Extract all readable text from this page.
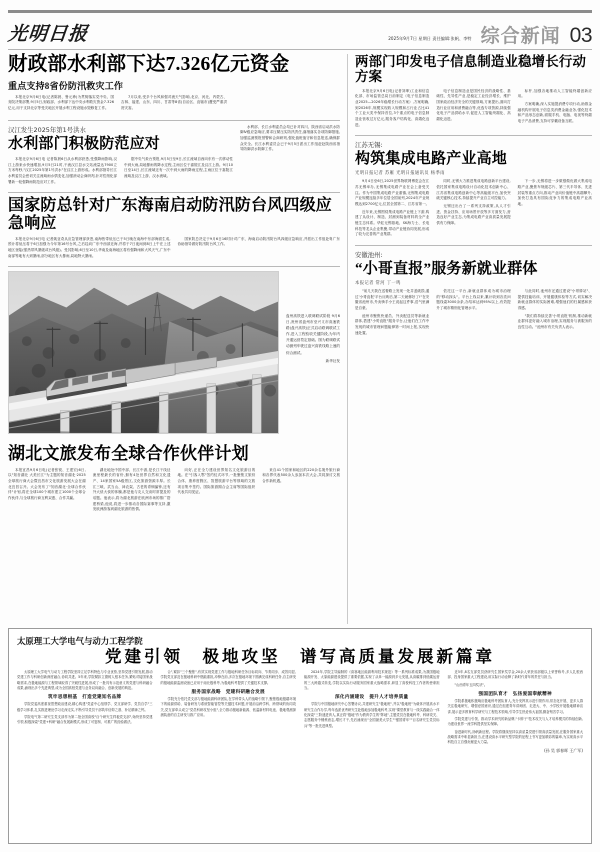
光明日报	2025年9月7日 星期日 责任编辑:张帆、李特 综合新闻 03
财政部水利部下达7.326亿元资金
重点支持8省份防汛救灾工作

本报北京9月6日电(记者陈晨、鲁元珍)为贯彻落实党中央、国务院决策部署,9月5日,财政部、水利部下达中央水利救灾资金7.326亿元,用于支持北京等受灾地区开展水利工程设施水毁修复工作。

7月以来,受多个台风和强对流天气影响,北京、河北、内蒙古、吉林、福建、山东、四川、甘肃等8省(自治区、直辖市)遭受严重洪涝灾害。

汉江发生2025年第1号洪水
水利部门积极防范应对

本报北京9月6日电 记者陈晨6日从水利部获悉,受强降雨影响,汉江上游来水快速增加,9月5日21时,干流汉江县水文站流量达7900立方米每秒,"汉江2025年第1号洪水"在汉江上游形成。水利部指导长江水利委员会密切关注流域雨水情变化,加强滚动会商研判,针对性细化部署新一轮强降雨防范应对工作。

据中央气象台预报,9月5日至9日,长江流域自西向东有一次移动性中到大雨,局地暴雨的降水过程,主雨区位于嘉陵江及汉江上游。9月10日至14日,长江流域还有一次中到大雨的降雨过程,主雨区位于嘉陵江流域及汉江上游、汉水流域。

水利部、长江水利委员会均已针对四川、陕西省启动洪水防御Ⅳ级应急响应,要求压紧压实防汛责任,落细落实各项防御措施,加强监测预报预警和会商研判,强化值班值守和信息报送,确保群众安全。长江水利委员会已于9月5日派出工作组赶赴陕西省指导防御洪水防御工作。

国家防总针对广东海南启动防汛防台风四级应急响应

本报北京9月6日电 记者姚亚奇从应急管理部获悉,南海热带低压已于5日晚在南海中东部海面生成,预计将低压将于6日加强为今年第16号台风,之后趋向广东中西部近海,并将于7日夜间到8日上午在上述地区登陆(强热带风暴级或台风级)。受其影响,6日至10日,华南及南海地区将有强降雨和大风天气,广东中南部等地有大到暴雨,部分地区有大暴雨,局地特大暴雨。

国家防总决定于9月6日16时针对广东、海南启动防汛防台风四级应急响应,并派出工作组赴粤广东协助指导做好防汛防台风工作。

盘州高铁进入联调联试阶段 9月6日,贵州省盘州市至兴义市高速铁路(盘兴高铁)正式启动联调联试工作,进入工程验收关键阶段,为年内开通运营奠定基础。图为联调联试动测列车驶过盘兴高铁线路上速的综合测试。

新华社发
湖北文旅发布全球合作伙伴计划

本报宜昌9月6日电(记者张锐、王建宏)6日,以"知音湖北 大美长江"为主题的知音湖北·2025全球旅行商大会暨宜昌市文化旅游发展大会在湖北宜昌召开。大会发布了"知音湖北·全球合作伙伴"计划,将在全球100个城市建立1000个全球合作伙伴,与全球旅行商互利双惠、合作共赢。

湖北地处中国中部、长江中游,是长江干线径流里程最长的省份,拥有4处世界自然和文化遗产、14家国家5A级景区,文化旅游资源丰厚。长江三峡、武当山、神农架、古老的青铜编钟,还有外大侠大侠的体魄,都是他与友人交谈时常提及的话题。他表示,将为湖北旅游在欧洲市场的推广搭建桥梁,他说,将进一步推动各国际赛事等支持,激发欧洲游客到湖北旅游的热情。

向好,正在全力建设世界知名文化旅游目的地。在"引客入鄂"签约仪式环节,一批聚焦文旅综合体、康养度假区、智慧旅游平台等领域的文旅项目集中签约。国际旅游期合会主席等国际组织代表共同见证。

来自41个国家和地区的220余名境外旅行商和各界代表500余人参加本次大会,共同探讨文旅合作新机遇。

两部门印发电子信息制造业稳增长行动方案

本报北京9月6日电(记者刘坤)工业和信息化部、市场监管总局日前制定《电子信息制造业2025—2026年稳增长行动方案》,方案明确,到2026年,规模实现收入规模和占行业占比41个工业大类中保持首位,3个重点的电子信息制造业营收过万亿元,服务客户结构化、高端化迈进。

电子信息制造业是国民经济的战略性、基础性、先导性产业,是稳定工业经济增长、维护国家政治经济安全的关键领域,方案提出,面向打造行业应用和消费融合等,优选专项资源,持续强化电子产品供给水平,促进人工智能终端化、高端化迈进。

标杆,加强各地推动人工智能终端创新应用。

方案明确,深入实施提消费专项行动,助推金融机构开展电子信息类消费金融业务,强化技术和产品形态创新,面服手机、电脑、电视等终端电子产品消费,支持可穿戴设备互联。

江苏无锡:
构筑集成电路产业高地
光明日报记者 苏雁 光明日报通讯员 杨季雨

9月4日至6日,2025世界物联网博览会在江苏无锡举办,无锡集成电路产业在会上备受关注。作为中国集成电路产业重镇,无锡集成电路产业规模连续多年位居全国前列,2024年产业规模达到2700亿元,位居全国第二、江苏省第一。

近年来,无锡围绕集成电路产业链上下游,构建了从设计、制造、封测到装备材料的全产业链生态体系。华虹无锡基地、SK海力士、长电科技等龙头企业集聚,带动产业链协同发展,形成了较为完善的产业集群。

同时,无锡大力推进集成电路创新平台建设,依托国家集成电路设计自动化技术创新中心、江苏省集成电路创新中心等高能级平台,加快突破关键核心技术,持续提升产业自主可控能力。

无锡还出台了一系列支持政策,从人才引进、资金扶持、应用场景开放等多方面发力,营造良好产业生态,为集成电路产业高质量发展提供有力保障。

下一步,无锡将进一步做强做优做大集成电路产业,聚焦车规级芯片、第三代半导体、先进封装等重点方向,推动产业向价值链中高端攀升,加快打造具有国际竞争力的集成电路产业高地。

安徽池州:
“小哥直报”服务新就业群体
本报记者 常河 丁一鸣

"前几天我在送餐路上发现一处井盖破损,通过'小哥直报'平台反映后,第二天就修好了!"在安徽省池州市,外卖骑手小王说起这件事,语气里满是自豪。

池州市聚焦快递员、外卖配送员等新就业群体,搭建"小哥直报"服务平台,让他们在工作中发现的城市管理问题能够第一时间上报,实现快速处置。

依托这一平台,新就业群体成为城市治理的"移动探头"。平台上线以来,累计收到各类问题线索3000余条,办结率达到95%以上,有效提升了城市精细化管理水平。

与此同时,池州市还通过建设"小哥驿站"、提供技能培训、开展健康体检等方式,切实解决新就业群体的实际困难,增强他们的归属感和获得感。

"我们将持续完善'小哥直报'机制,推动新就业群体更好融入城市治理,实现服务与被服务的良性互动。"池州市有关负责人表示。

太原理工大学电气与动力工程学院
党建引领　极地攻坚　谱写高质量发展新篇章

太原理工大学电气与动力工程学院坚持立足学科特色与专业优势,坚持党建引领发展,推动党建工作与科研创新深度融合,协同共进。5年来,学院紧扣立德树人根本任务,紧贴对接国家战略需求,在极地能源与工程领域取得了突破性进展,形成了一批具有示范意义的党建与科研融合成果,涌现出多个先进典型,成为全国高校党建与业务双向融合、创新发展的典范。

筑牢思想根基　打造党建知名品牌

学院党委高度重视思想政治建设,精心构建"党委中心组领学、党支部研学、党员自学"三级学习体系,扎实推进理论学习走深走实,不断引导党员干部筑牢信仰之基、补足精神之钙。

学院电气第二研究生党支部作为第二批全国高校"百个研究生样板党支部",始终坚持党建引领,积极探索"党建+科研"融合发展新模式,形成了可复制、可推广的经验做法。

合",紧扣"三个聚焦",有效实现党建工作与极地科研任务目标同向、节奏同步、成效同显,学院党支部及在极地科研中燃能重担,冲锋在前,多次在极地环境下圆满完成科研任务,自主研发的极地能源监测设备已应用于南北极科考,为极地科考提供了关键技术支撑。

服务国家战略　党建科研融合发展

学院充分依托党支部与极地能源科研团队,在学科带头人的战略引领下,聚焦极地极端环境下的能源供给、装备研发与系统智能管控等关键技术问题,开展前沿跨学科、跨领域的协同攻关,党支部牵头成立"党员科研攻坚小组",全力推动极地新能源、低温新材料电池、极地观测探测装备的自主研发与推广应用。

2024年,学院主导编制的《高寒地区能源利用技术规范》等一系列标准成果,为我国极地能源开发、太原能源建设提供了重要依据,实现了从单一能源到多元发展,从高碳排到低碳运营的三大跨越式转变,学院以实际行动服务国家重大战略需求,彰显了高校科技工作者的使命担当。

深化内涵建设　提升人才培养质量

学院与中国极地研究中心签署协议,共建研究生"极地班",并以"极地班"为载体开展高水平研究生合作办学,每年选派优秀研究生赴极地参加极地科考,实现"课堂教育与一线实践融合一体化探索"三阶递进育人,真正将"极地"作为教育学生的"阵地",主题党员在极地科考、科研攻关、志愿服务中锤炼意志,增长才干,先后涌现出"全国最美大学生""强国青年""百名研究生党员标兵"等一批先进典型。

近5年,8名支部党员获研究生国家奖学金,20余人荣获省部级以上荣誉称号,多人扎根西部、投身国家重大工程建设,用实际行动诠释了新时代青年的责任与担当。

"山西青年五四奖状"。

强国团队育才　弘扬爱国奉献精神

学院系极地积极响应极地科考团队育人,充分发挥其示范引领作用,常态化开展、更多人群关注极地研究、增强爱国意识,通过在组建青年讲师团、走进大、中、小学校开展极地精神宣讲,展示更多教育科学研究与工程技术领域,引导学生热爱伟大祖国,勤奋刻苦学习。

学院党建与引领、推动学术研究的新品牌,"卡脖子"技术攻关与人才培养模式的持续创新,为建设世界一流学科提供坚实保障。

奋进新时代,扬帆新征程。学院将继续坚持以高质量党建引领高质量发展,在服务国家重大战略需求中彰显新担当,在建设高水平研究型学院的征程上书写更加精彩的篇章,为实现高水平科技自立自强贡献更大力量。

(孙 昊 郭春晖 王广军)
